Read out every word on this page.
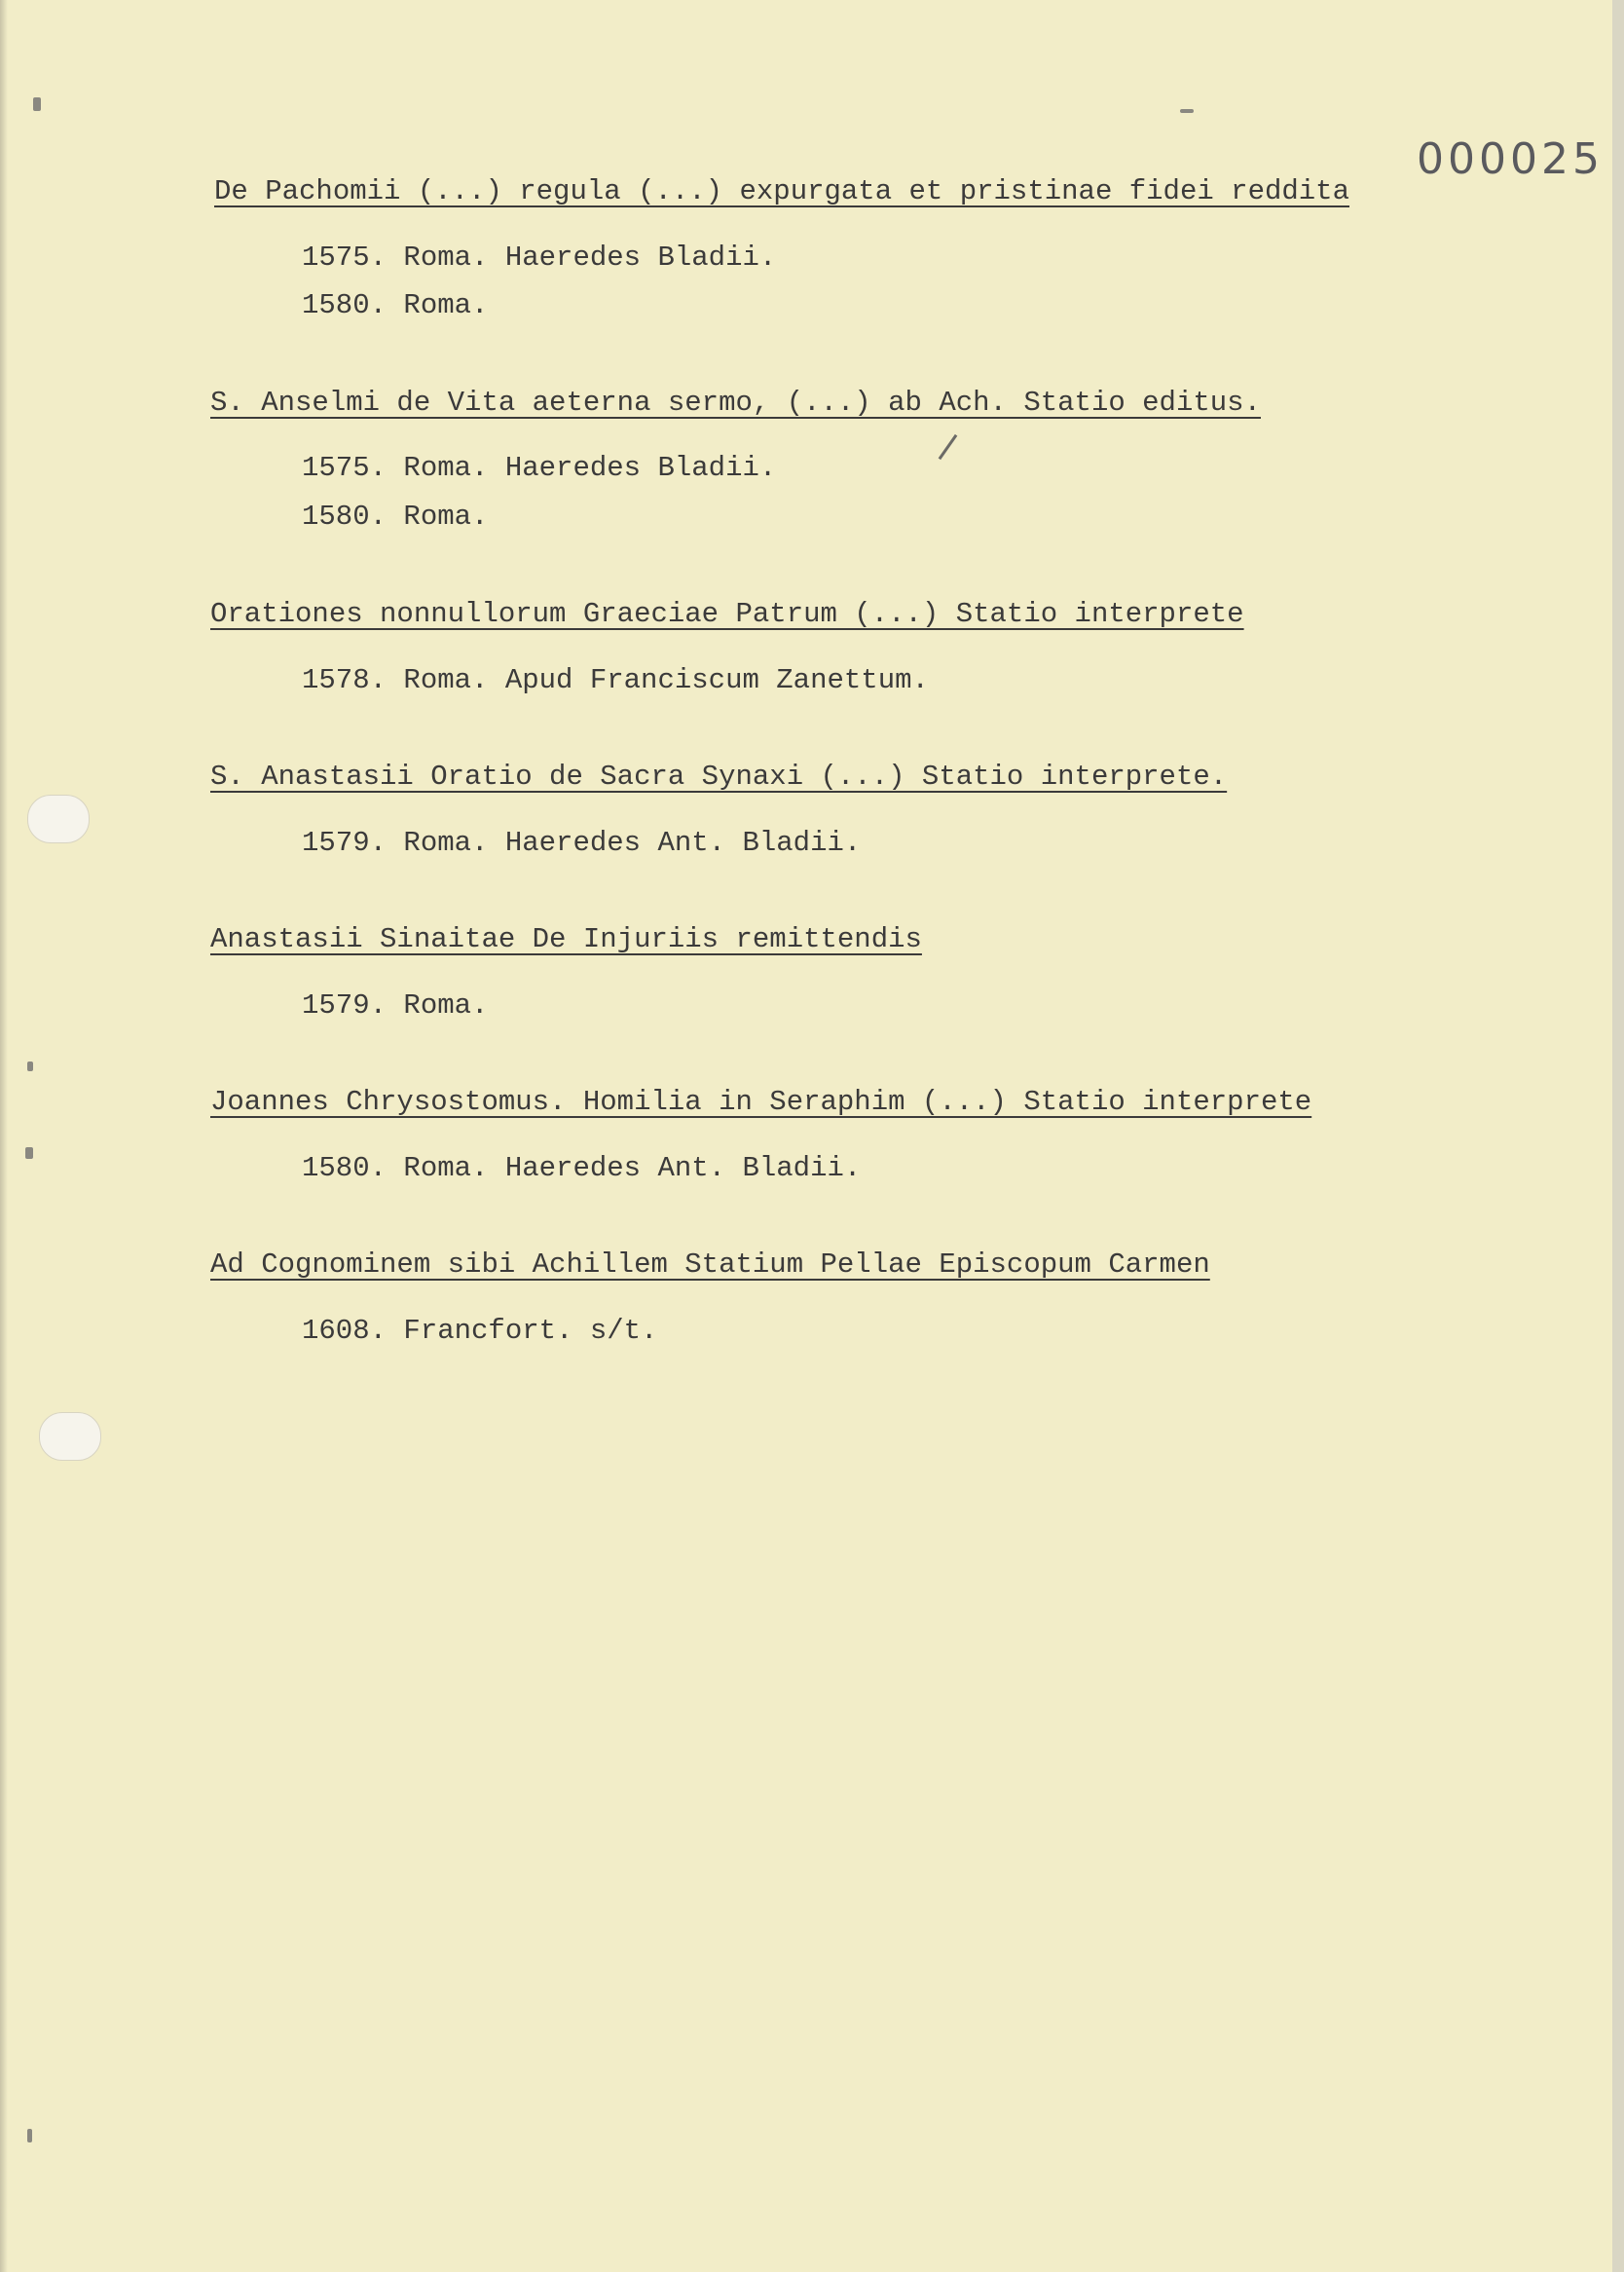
000025
De Pachomii (...) regula (...) expurgata et pristinae fidei reddita
1575. Roma. Haeredes Bladii.
1580. Roma.
S. Anselmi de Vita aeterna sermo, (...) ab Ach. Statio editus.
1575. Roma. Haeredes Bladii.
1580. Roma.
Orationes nonnullorum Graeciae Patrum (...) Statio interprete
1578. Roma. Apud Franciscum Zanettum.
S. Anastasii Oratio de Sacra Synaxi (...) Statio interprete.
1579. Roma. Haeredes Ant. Bladii.
Anastasii Sinaitae De Injuriis remittendis
1579. Roma.
Joannes Chrysostomus. Homilia in Seraphim (...) Statio interprete
1580. Roma. Haeredes Ant. Bladii.
Ad Cognominem sibi Achillem Statium Pellae Episcopum Carmen
1608. Francfort. s/t.
